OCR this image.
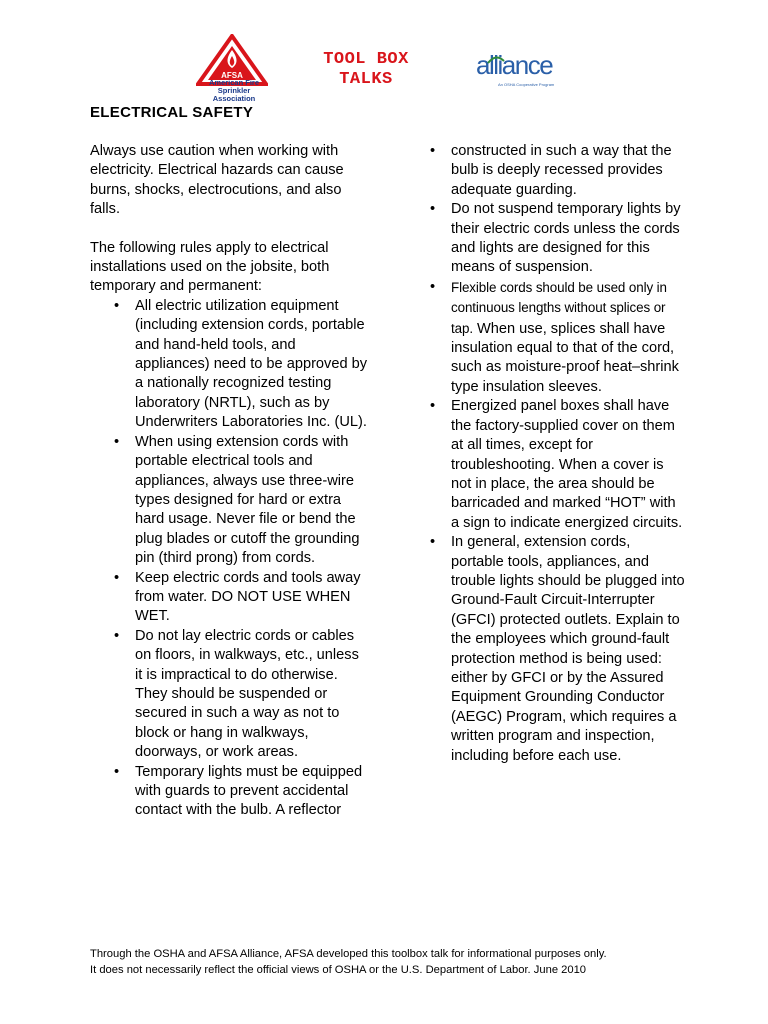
AFSA
American Fire Sprinkler Association
TOOL BOX
TALKS	alliance
An OSHA Cooperative Program
ELECTRICAL SAFETY

Always use caution when working with electricity. Electrical hazards can cause burns, shocks, electrocutions, and also falls.

The following rules apply to electrical installations used on the jobsite, both temporary and permanent:

• All electric utilization equipment (including extension cords, portable and hand-held tools, and appliances) need to be approved by a nationally recognized testing laboratory (NRTL), such as by Underwriters Laboratories Inc. (UL).
• When using extension cords with portable electrical tools and appliances, always use three-wire types designed for hard or extra hard usage. Never file or bend the plug blades or cutoff the grounding pin (third prong) from cords.
• Keep electric cords and tools away from water. DO NOT USE WHEN WET.
• Do not lay electric cords or cables on floors, in walkways, etc., unless it is impractical to do otherwise. They should be suspended or secured in such a way as not to block or hang in walkways, doorways, or work areas.
• Temporary lights must be equipped with guards to prevent accidental contact with the bulb. A reflector
• constructed in such a way that the bulb is deeply recessed provides adequate guarding.
• Do not suspend temporary lights by their electric cords unless the cords and lights are designed for this means of suspension.
• Flexible cords should be used only in continuous lengths without splices or tap. When use, splices shall have insulation equal to that of the cord, such as moisture-proof heat–shrink type insulation sleeves.
• Energized panel boxes shall have the factory-supplied cover on them at all times, except for troubleshooting. When a cover is not in place, the area should be barricaded and marked “HOT” with a sign to indicate energized circuits.
• In general, extension cords, portable tools, appliances, and trouble lights should be plugged into Ground-Fault Circuit-Interrupter (GFCI) protected outlets. Explain to the employees which ground-fault protection method is being used: either by GFCI or by the Assured Equipment Grounding Conductor (AEGC) Program, which requires a written program and inspection, including before each use.
Through the OSHA and AFSA Alliance, AFSA developed this toolbox talk for informational purposes only.
It does not necessarily reflect the official views of OSHA or the U.S. Department of Labor. June 2010
